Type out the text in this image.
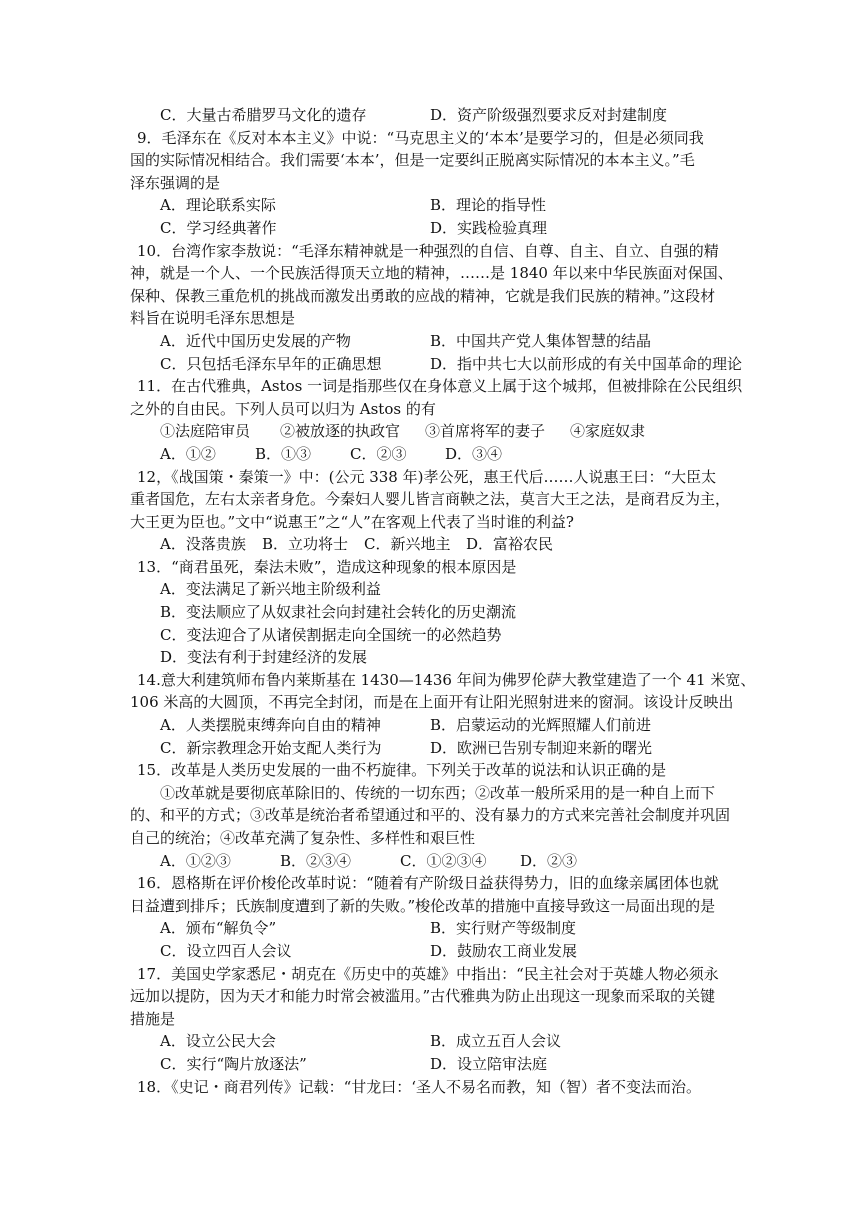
C．大量古希腊罗马文化的遗存	D．资产阶级强烈要求反对封建制度
9．毛泽东在《反对本本主义》中说：“马克思主义的‘本本’是要学习的，但是必须同我
国的实际情况相结合。我们需要‘本本’，但是一定要纠正脱离实际情况的本本主义。”毛
泽东强调的是
A．理论联系实际	B．理论的指导性
C．学习经典著作	D．实践检验真理
10．台湾作家李敖说：“毛泽东精神就是一种强烈的自信、自尊、自主、自立、自强的精
神，就是一个人、一个民族活得顶天立地的精神，……是 1840 年以来中华民族面对保国、
保种、保教三重危机的挑战而激发出勇敢的应战的精神，它就是我们民族的精神。”这段材
料旨在说明毛泽东思想是
A．近代中国历史发展的产物	B．中国共产党人集体智慧的结晶
C．只包括毛泽东早年的正确思想	D．指中共七大以前形成的有关中国革命的理论
11．在古代雅典，Astos 一词是指那些仅在身体意义上属于这个城邦，但被排除在公民组织
之外的自由民。下列人员可以归为 Astos 的有
①法庭陪审员 ②被放逐的执政官 ③首席将军的妻子 ④家庭奴隶
A．①②	B．①③	C．②③	D．③④
12，《战国策・秦策一》中：(公元 338 年)孝公死，惠王代后……人说惠王曰：“大臣太
重者国危，左右太亲者身危。今秦妇人婴儿皆言商鞅之法，莫言大王之法，是商君反为主，
大王更为臣也。”文中“说惠王”之“人”在客观上代表了当时谁的利益?
A．没落贵族 B．立功将士 C．新兴地主 D．富裕农民
13．“商君虽死，秦法未败”，造成这种现象的根本原因是
A．变法满足了新兴地主阶级利益
B．变法顺应了从奴隶社会向封建社会转化的历史潮流
C．变法迎合了从诸侯割据走向全国统一的必然趋势
D．变法有利于封建经济的发展
14.意大利建筑师布鲁内莱斯基在 1430—1436 年间为佛罗伦萨大教堂建造了一个 41 米宽、
106 米高的大圆顶，不再完全封闭，而是在上面开有让阳光照射进来的窗洞。该设计反映出
A．人类摆脱束缚奔向自由的精神	B．启蒙运动的光辉照耀人们前进
C．新宗教理念开始支配人类行为	D．欧洲已告别专制迎来新的曙光
15．改革是人类历史发展的一曲不朽旋律。下列关于改革的说法和认识正确的是
①改革就是要彻底革除旧的、传统的一切东西；②改革一般所采用的是一种自上而下
的、和平的方式；③改革是统治者希望通过和平的、没有暴力的方式来完善社会制度并巩固
自己的统治；④改革充满了复杂性、多样性和艰巨性
A．①②③	B．②③④	C．①②③④ D．②③
16．恩格斯在评价梭伦改革时说：“随着有产阶级日益获得势力，旧的血缘亲属团体也就
日益遭到排斥；氏族制度遭到了新的失败。”梭伦改革的措施中直接导致这一局面出现的是
A．颁布“解负令”	B．实行财产等级制度
C．设立四百人会议	D．鼓励农工商业发展
17．美国史学家悉尼・胡克在《历史中的英雄》中指出：“民主社会对于英雄人物必须永
远加以提防，因为天才和能力时常会被滥用。”古代雅典为防止出现这一现象而采取的关键
措施是
A．设立公民大会	B．成立五百人会议
C．实行“陶片放逐法”	D．设立陪审法庭
18．《史记・商君列传》记载：“甘龙曰：‘圣人不易名而教，知（智）者不变法而治。
